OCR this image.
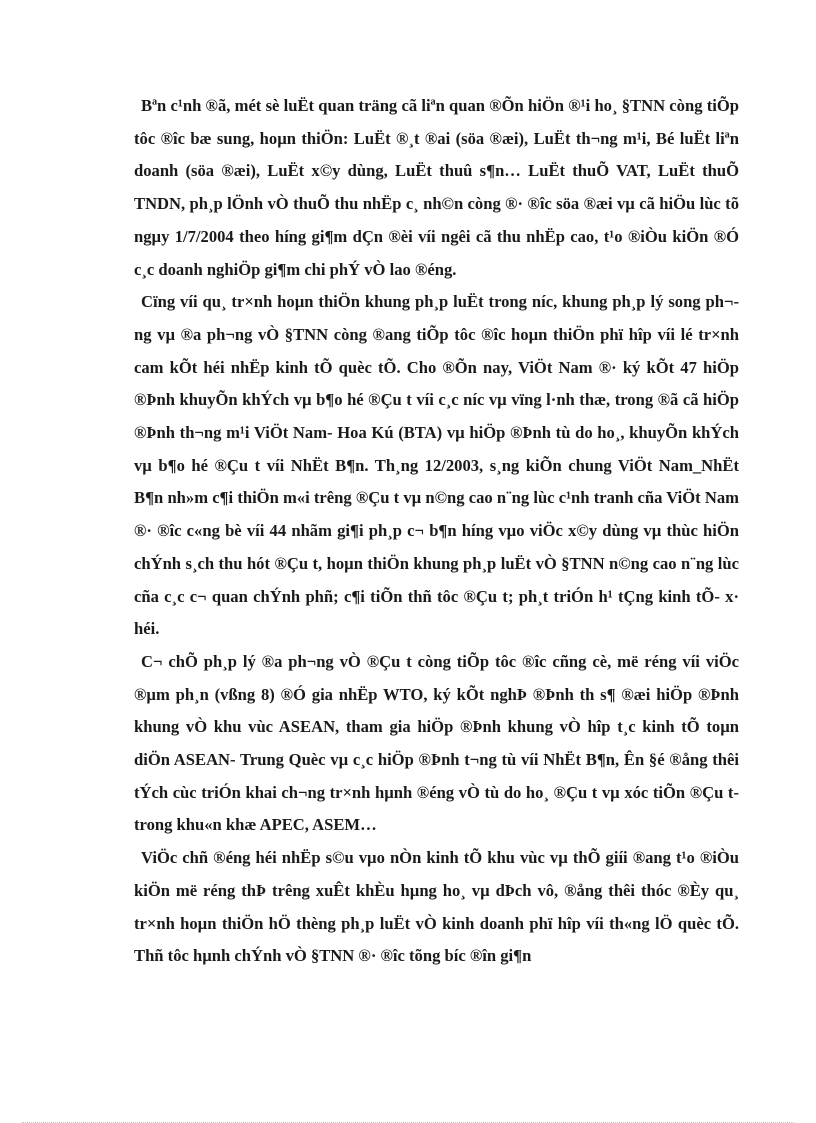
Bªn c¹nh ®ã, mét sè luËt quan träng cã liªn quan ®Õn hiÖn ®¹i ho¸ §TNN còng tiÕp tôc ®îc bæ sung, hoµn thiÖn: LuËt ®¸t ®ai (söa ®æi), LuËt th¬ng m¹i, Bé luËt liªn doanh (söa ®æi), LuËt x©y dùng, LuËt thuû s¶n… LuËt thuÕ VAT, LuËt thuÕ TNDN, ph¸p lÖnh vÒ thuÕ thu nhËp c¸ nh©n còng ®· ®îc söa ®æi vµ cã hiÖu lùc tõ ngµy 1/7/2004 theo híng gi¶m dÇn ®èi víi ngêi cã thu nhËp cao, t¹o ®iÒu kiÖn ®Ó c¸c doanh nghiÖp gi¶m chi phÝ vÒ lao ®éng.

Cïng víi qu¸ tr×nh hoµn thiÖn khung ph¸p luËt trong níc, khung ph¸p lý song ph¬ng vµ ®a ph¬ng vÒ §TNN còng ®ang tiÕp tôc ®îc hoµn thiÖn phï hîp víi lé tr×nh cam kÕt héi nhËp kinh tÕ quèc tÕ. Cho ®Õn nay, ViÖt Nam ®· ký kÕt 47 hiÖp ®Þnh khuyÕn khÝch vµ b¶o hé ®Çu t víi c¸c níc vµ vïng l·nh thæ, trong ®ã cã hiÖp ®Þnh th¬ng m¹i ViÖt Nam- Hoa Kú (BTA) vµ hiÖp ®Þnh tù do ho¸, khuyÕn khÝch vµ b¶o hé ®Çu t víi NhËt B¶n. Th¸ng 12/2003, s¸ng kiÕn chung ViÖt Nam_NhËt B¶n nh»m c¶i thiÖn m«i trêng ®Çu t vµ n©ng cao n¨ng lùc c¹nh tranh cña ViÖt Nam ®· ®îc c«ng bè víi 44 nhãm gi¶i ph¸p c¬ b¶n híng vµo viÖc x©y dùng vµ thùc hiÖn chÝnh s¸ch thu hót ®Çu t, hoµn thiÖn khung ph¸p luËt vÒ §TNN n©ng cao n¨ng lùc cña c¸c c¬ quan chÝnh phñ; c¶i tiÕn thñ tôc ®Çu t; ph¸t triÓn h¹ tÇng kinh tÕ- x· héi.

C¬ chÕ ph¸p lý ®a ph¬ng vÒ ®Çu t còng tiÕp tôc ®îc cñng cè, më réng víi viÖc ®µm ph¸n (vßng 8) ®Ó gia nhËp WTO, ký kÕt nghÞ ®Þnh th s¶ ®æi hiÖp ®Þnh khung vÒ khu vùc ASEAN, tham gia hiÖp ®Þnh khung vÒ hîp t¸c kinh tÕ toµn diÖn ASEAN- Trung Quèc vµ c¸c hiÖp ®Þnh t¬ng tù víi NhËt B¶n, Ên §é ®ång thêi tÝch cùc triÓn khai ch¬ng tr×nh hµnh ®éng vÒ tù do ho¸ ®Çu t vµ xóc tiÕn ®Çu t trong khu«n khæ APEC, ASEM…

ViÖc chñ ®éng héi nhËp s©u vµo nÒn kinh tÕ khu vùc vµ thÕ giíi ®ang t¹o ®iÒu kiÖn më réng thÞ trêng xuÊt khÈu hµng ho¸ vµ dÞch vô, ®ång thêi thóc ®Èy qu¸ tr×nh hoµn thiÖn hÖ thèng ph¸p luËt vÒ kinh doanh phï hîp víi th«ng lÖ quèc tÕ. Thñ tôc hµnh chÝnh vÒ §TNN ®· ®îc tõng bíc ®în gi¶n
